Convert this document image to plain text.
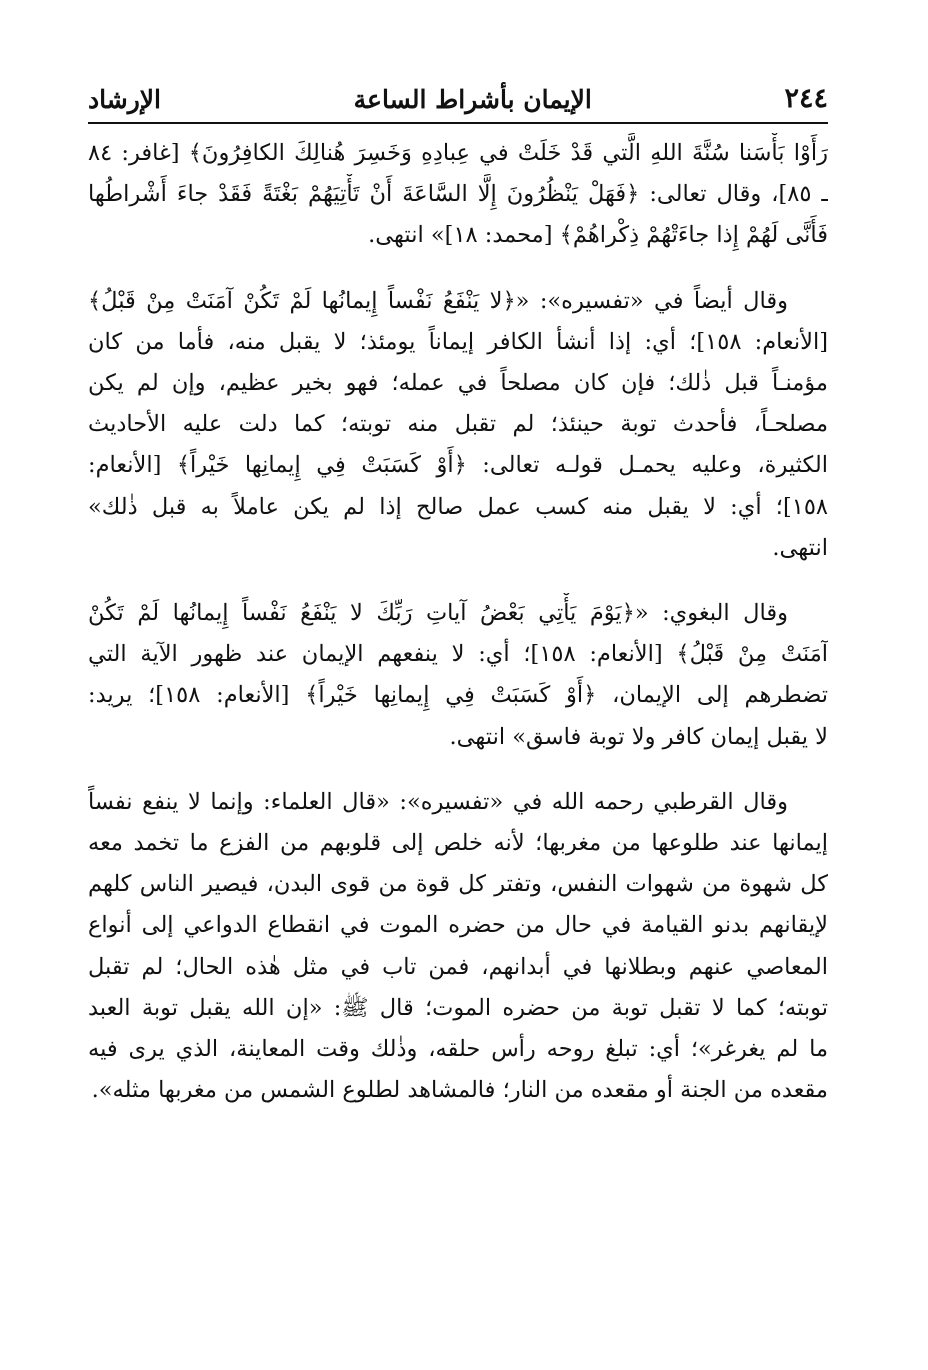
٢٤٤
الإيمان بأشراط الساعة
الإرشاد
رَأَوْا بَأْسَنا سُنَّةَ اللهِ الَّتي قَدْ خَلَتْ في عِبادِهِ وَخَسِرَ هُنالِكَ الكافِرُونَ﴾ [غافر: ٨٤
ـ ٨٥]، وقال تعالى: ﴿فَهَلْ يَنْظُرُونَ إِلَّا السَّاعَةَ أَنْ تَأْتِيَهُمْ بَغْتَةً فَقَدْ جاءَ أَشْراطُها
فَأَنَّى لَهُمْ إِذا جاءَتْهُمْ ذِكْراهُمْ﴾ [محمد: ١٨]» انتهى.
وقال أيضاً في «تفسيره»: «﴿لا يَنْفَعُ نَفْساً إِيمانُها لَمْ تَكُنْ آمَنَتْ مِنْ قَبْلُ﴾
[الأنعام: ١٥٨]؛ أي: إذا أنشأ الكافر إيماناً يومئذ؛ لا يقبل منه، فأما من كان
مؤمنـاً قبل ذٰلك؛ فإن كان مصلحاً في عمله؛ فهو بخير عظيم، وإن لم يكن
مصلحـاً، فأحدث توبة حينئذ؛ لم تقبل منه توبته؛ كما دلت عليه الأحاديث
الكثيرة، وعليه يحمـل قولـه تعالى: ﴿أَوْ كَسَبَتْ فِي إِيمانِها خَيْراً﴾ [الأنعام:
١٥٨]؛ أي: لا يقبل منه كسب عمل صالح إذا لم يكن عاملاً به قبل ذٰلك»
انتهى.
وقال البغوي: «﴿يَوْمَ يَأْتِي بَعْضُ آياتِ رَبِّكَ لا يَنْفَعُ نَفْساً إِيمانُها لَمْ تَكُنْ
آمَنَتْ مِنْ قَبْلُ﴾ [الأنعام: ١٥٨]؛ أي: لا ينفعهم الإيمان عند ظهور الآية التي
تضطرهم إلى الإيمان، ﴿أَوْ كَسَبَتْ فِي إِيمانِها خَيْراً﴾ [الأنعام: ١٥٨]؛ يريد:
لا يقبل إيمان كافر ولا توبة فاسق» انتهى.
وقال القرطبي رحمه الله في «تفسيره»: «قال العلماء: وإنما لا ينفع نفساً
إيمانها عند طلوعها من مغربها؛ لأنه خلص إلى قلوبهم من الفزع ما تخمد معه
كل شهوة من شهوات النفس، وتفتر كل قوة من قوى البدن، فيصير الناس كلهم
لإيقانهم بدنو القيامة في حال من حضره الموت في انقطاع الدواعي إلى أنواع
المعاصي عنهم وبطلانها في أبدانهم، فمن تاب في مثل هٰذه الحال؛ لم تقبل
توبته؛ كما لا تقبل توبة من حضره الموت؛ قال ﷺ: «إن الله يقبل توبة العبد
ما لم يغرغر»؛ أي: تبلغ روحه رأس حلقه، وذٰلك وقت المعاينة، الذي يرى فيه
مقعده من الجنة أو مقعده من النار؛ فالمشاهد لطلوع الشمس من مغربها مثله».
